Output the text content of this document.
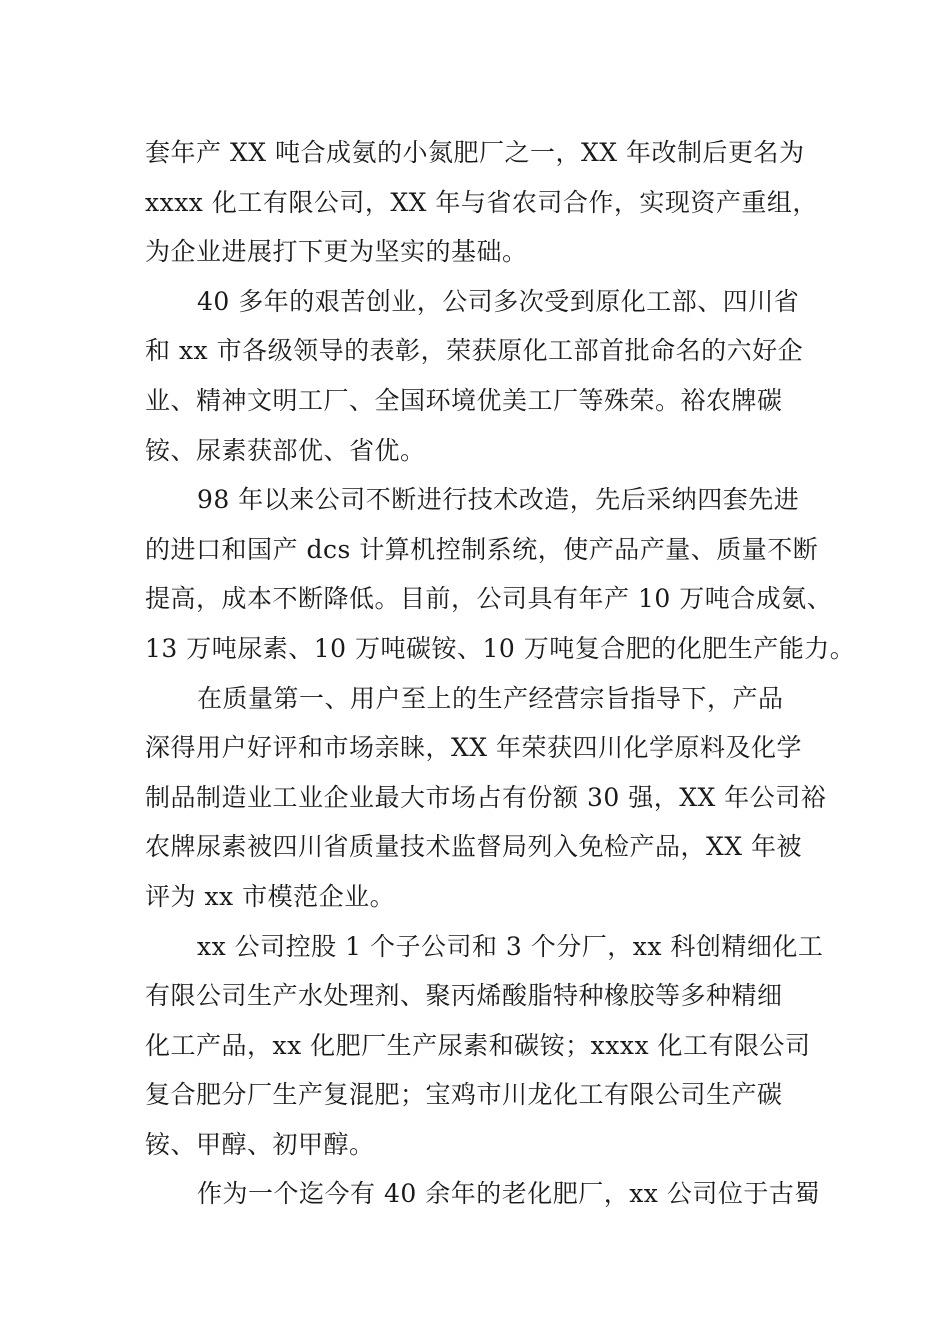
套年产 XX 吨合成氨的小氮肥厂之一，XX 年改制后更名为
xxxx 化工有限公司，XX 年与省农司合作，实现资产重组，
为企业进展打下更为坚实的基础。
40 多年的艰苦创业，公司多次受到原化工部、四川省
和 xx 市各级领导的表彰，荣获原化工部首批命名的六好企
业、精神文明工厂、全国环境优美工厂等殊荣。裕农牌碳
铵、尿素获部优、省优。
98 年以来公司不断进行技术改造，先后采纳四套先进
的进口和国产 dcs 计算机控制系统，使产品产量、质量不断
提高，成本不断降低。目前，公司具有年产 10 万吨合成氨、
13 万吨尿素、10 万吨碳铵、10 万吨复合肥的化肥生产能力。
在质量第一、用户至上的生产经营宗旨指导下，产品
深得用户好评和市场亲睐，XX 年荣获四川化学原料及化学
制品制造业工业企业最大市场占有份额 30 强，XX 年公司裕
农牌尿素被四川省质量技术监督局列入免检产品，XX 年被
评为 xx 市模范企业。
xx 公司控股 1 个子公司和 3 个分厂，xx 科创精细化工
有限公司生产水处理剂、聚丙烯酸脂特种橡胶等多种精细
化工产品，xx 化肥厂生产尿素和碳铵；xxxx 化工有限公司
复合肥分厂生产复混肥；宝鸡市川龙化工有限公司生产碳
铵、甲醇、初甲醇。
作为一个迄今有 40 余年的老化肥厂，xx 公司位于古蜀
